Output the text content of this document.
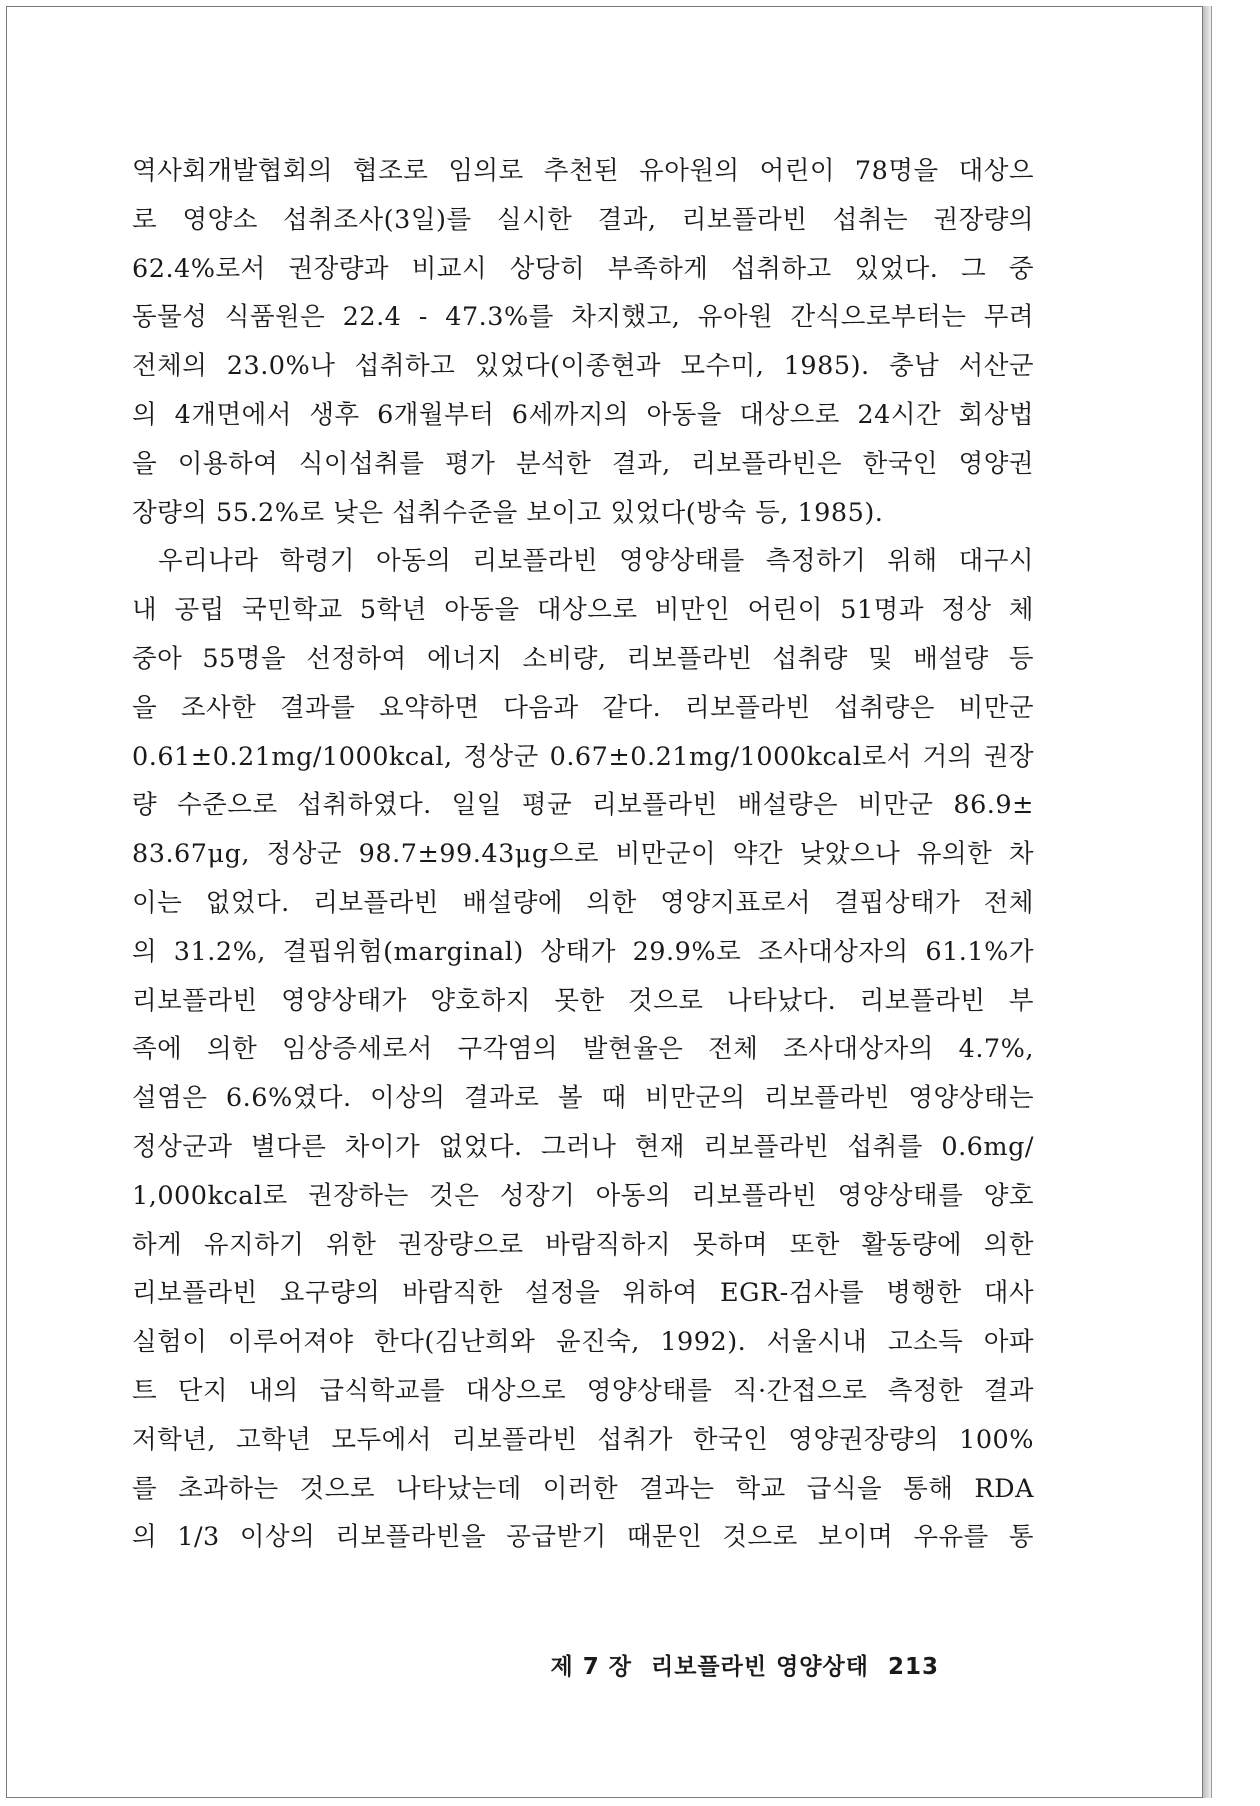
역사회개발협회의 협조로 임의로 추천된 유아원의 어린이 78명을 대상으
로 영양소 섭취조사(3일)를 실시한 결과, 리보플라빈 섭취는 권장량의
62.4%로서 권장량과 비교시 상당히 부족하게 섭취하고 있었다. 그 중
동물성 식품원은 22.4 - 47.3%를 차지했고, 유아원 간식으로부터는 무려
전체의 23.0%나 섭취하고 있었다(이종현과 모수미, 1985). 충남 서산군
의 4개면에서 생후 6개월부터 6세까지의 아동을 대상으로 24시간 회상법
을 이용하여 식이섭취를 평가 분석한 결과, 리보플라빈은 한국인 영양권
장량의 55.2%로 낮은 섭취수준을 보이고 있었다(방숙 등, 1985).
우리나라 학령기 아동의 리보플라빈 영양상태를 측정하기 위해 대구시
내 공립 국민학교 5학년 아동을 대상으로 비만인 어린이 51명과 정상 체
중아 55명을 선정하여 에너지 소비량, 리보플라빈 섭취량 및 배설량 등
을 조사한 결과를 요약하면 다음과 같다. 리보플라빈 섭취량은 비만군
0.61±0.21mg/1000kcal, 정상군 0.67±0.21mg/1000kcal로서 거의 권장
량 수준으로 섭취하였다. 일일 평균 리보플라빈 배설량은 비만군 86.9±
83.67μg, 정상군 98.7±99.43μg으로 비만군이 약간 낮았으나 유의한 차
이는 없었다. 리보플라빈 배설량에 의한 영양지표로서 결핍상태가 전체
의 31.2%, 결핍위험(marginal) 상태가 29.9%로 조사대상자의 61.1%가
리보플라빈 영양상태가 양호하지 못한 것으로 나타났다. 리보플라빈 부
족에 의한 임상증세로서 구각염의 발현율은 전체 조사대상자의 4.7%,
설염은 6.6%였다. 이상의 결과로 볼 때 비만군의 리보플라빈 영양상태는
정상군과 별다른 차이가 없었다. 그러나 현재 리보플라빈 섭취를 0.6mg/
1,000kcal로 권장하는 것은 성장기 아동의 리보플라빈 영양상태를 양호
하게 유지하기 위한 권장량으로 바람직하지 못하며 또한 활동량에 의한
리보플라빈 요구량의 바람직한 설정을 위하여 EGR-검사를 병행한 대사
실험이 이루어져야 한다(김난희와 윤진숙, 1992). 서울시내 고소득 아파
트 단지 내의 급식학교를 대상으로 영양상태를 직·간접으로 측정한 결과
저학년, 고학년 모두에서 리보플라빈 섭취가 한국인 영양권장량의 100%
를 초과하는 것으로 나타났는데 이러한 결과는 학교 급식을 통해 RDA
의 1/3 이상의 리보플라빈을 공급받기 때문인 것으로 보이며 우유를 통
제 7 장 리보플라빈 영양상태 213
